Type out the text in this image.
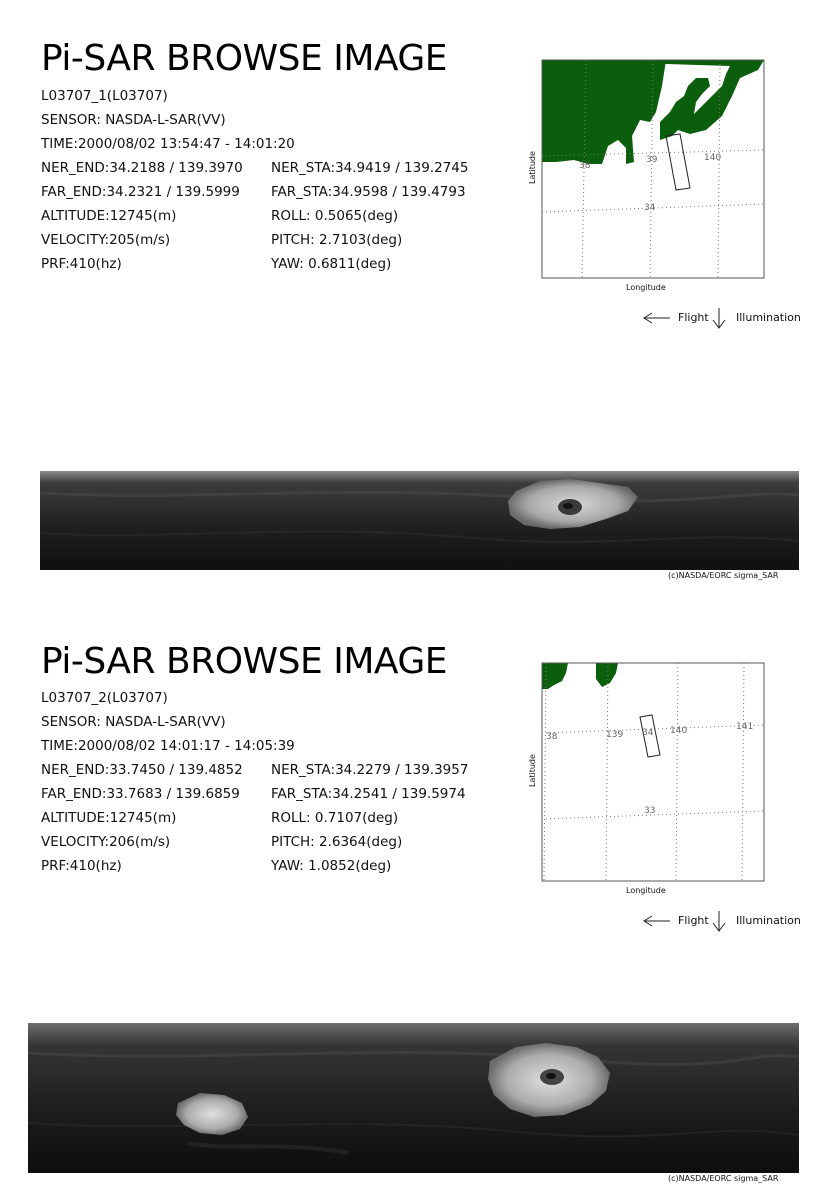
Pi-SAR BROWSE IMAGE
L03707_1(L03707)
SENSOR: NASDA-L-SAR(VV)
TIME:2000/08/02 13:54:47 - 14:01:20
NER_END:34.2188 / 139.3970 NER_STA:34.9419 / 139.2745
FAR_END:34.2321 / 139.5999 FAR_STA:34.9598 / 139.4793
ALTITUDE:12745(m)	ROLL: 0.5065(deg)
VELOCITY:205(m/s)	PITCH: 2.7103(deg)
PRF:410(hz)	YAW: 0.6811(deg)
38
39	140
34
Latitude
Longitude
Flight Illumination
(c)NASDA/EORC sigma_SAR
Pi-SAR BROWSE IMAGE
L03707_2(L03707)
SENSOR: NASDA-L-SAR(VV)
TIME:2000/08/02 14:01:17 - 14:05:39
NER_END:33.7450 / 139.4852 NER_STA:34.2279 / 139.3957
FAR_END:33.7683 / 139.6859 FAR_STA:34.2541 / 139.5974
ALTITUDE:12745(m)	ROLL: 0.7107(deg)
VELOCITY:206(m/s)	PITCH: 2.6364(deg)
PRF:410(hz)	YAW: 1.0852(deg)
38	139 34 140	141
33
Latitude
Longitude
Flight Illumination
(c)NASDA/EORC sigma_SAR
